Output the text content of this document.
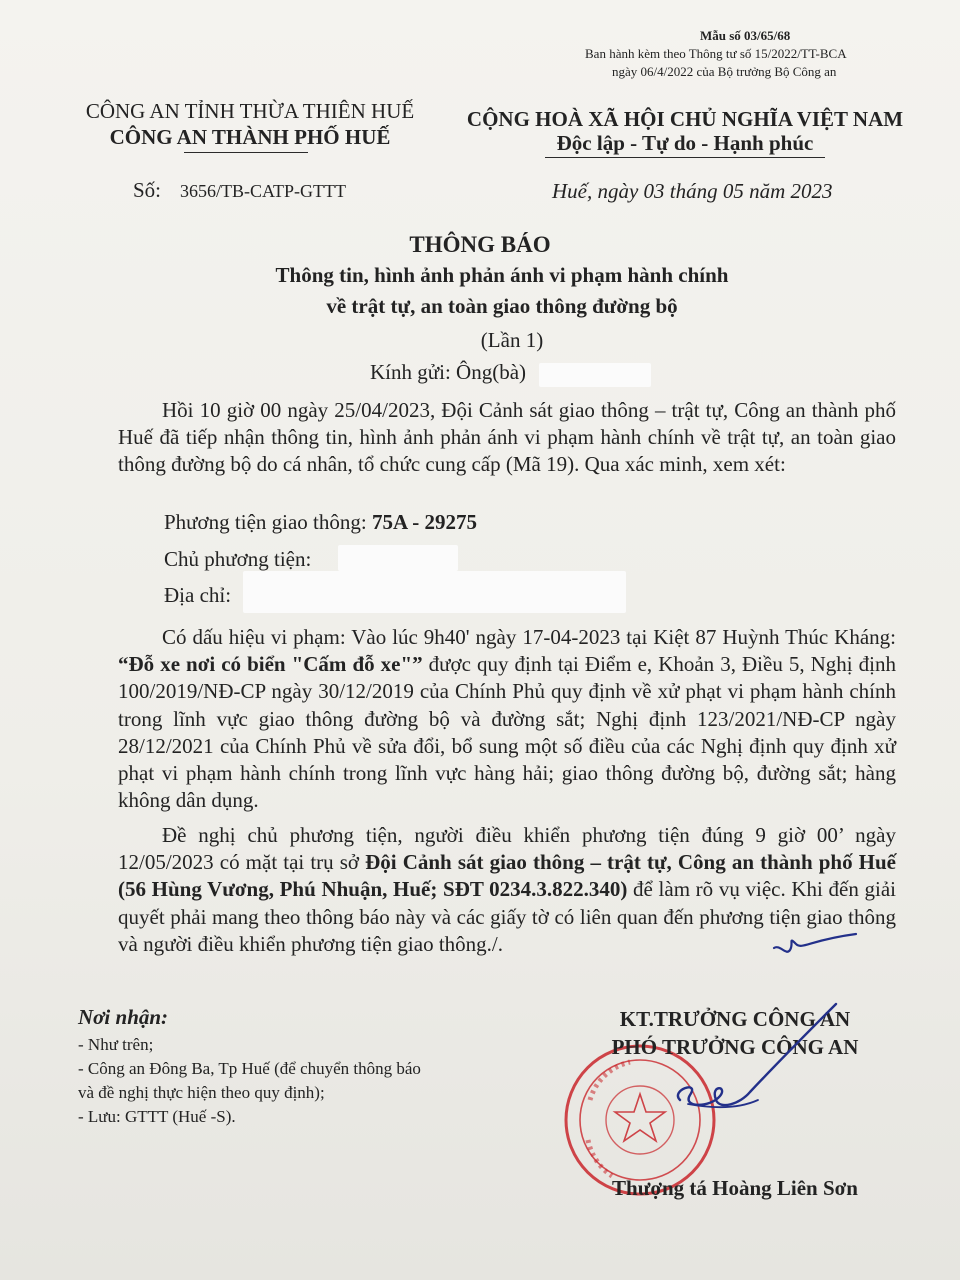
Mẫu số 03/65/68
Ban hành kèm theo Thông tư số 15/2022/TT-BCA
ngày 06/4/2022 của Bộ trưởng Bộ Công an
CÔNG AN TỈNH THỪA THIÊN HUẾ
CÔNG AN THÀNH PHỐ HUẾ
Số: 3656/TB-CATP-GTTT
CỘNG HOÀ XÃ HỘI CHỦ NGHĨA VIỆT NAM
Độc lập - Tự do - Hạnh phúc
Huế, ngày 03 tháng 05 năm 2023
THÔNG BÁO
Thông tin, hình ảnh phản ánh vi phạm hành chính
về trật tự, an toàn giao thông đường bộ
(Lần 1)
Kính gửi: Ông(bà)
Hồi 10 giờ 00 ngày 25/04/2023, Đội Cảnh sát giao thông – trật tự, Công an thành phố Huế đã tiếp nhận thông tin, hình ảnh phản ánh vi phạm hành chính về trật tự, an toàn giao thông đường bộ do cá nhân, tổ chức cung cấp (Mã 19). Qua xác minh, xem xét:
Phương tiện giao thông: 75A - 29275
Chủ phương tiện:
Địa chỉ:
Có dấu hiệu vi phạm: Vào lúc 9h40' ngày 17-04-2023 tại Kiệt 87 Huỳnh Thúc Kháng: “Đỗ xe nơi có biển "Cấm đỗ xe"” được quy định tại Điểm e, Khoản 3, Điều 5, Nghị định 100/2019/NĐ-CP ngày 30/12/2019 của Chính Phủ quy định về xử phạt vi phạm hành chính trong lĩnh vực giao thông đường bộ và đường sắt; Nghị định 123/2021/NĐ-CP ngày 28/12/2021 của Chính Phủ về sửa đổi, bổ sung một số điều của các Nghị định quy định xử phạt vi phạm hành chính trong lĩnh vực hàng hải; giao thông đường bộ, đường sắt; hàng không dân dụng.
Đề nghị chủ phương tiện, người điều khiển phương tiện đúng 9 giờ 00’ ngày 12/05/2023 có mặt tại trụ sở Đội Cảnh sát giao thông – trật tự, Công an thành phố Huế (56 Hùng Vương, Phú Nhuận, Huế; SĐT 0234.3.822.340) để làm rõ vụ việc. Khi đến giải quyết phải mang theo thông báo này và các giấy tờ có liên quan đến phương tiện giao thông và người điều khiển phương tiện giao thông./.
Nơi nhận:
- Như trên;
- Công an Đông Ba, Tp Huế (để chuyển thông báo
và đề nghị thực hiện theo quy định);
- Lưu: GTTT (Huế -S).
KT.TRƯỞNG CÔNG AN
PHÓ TRƯỞNG CÔNG AN
Thượng tá Hoàng Liên Sơn
